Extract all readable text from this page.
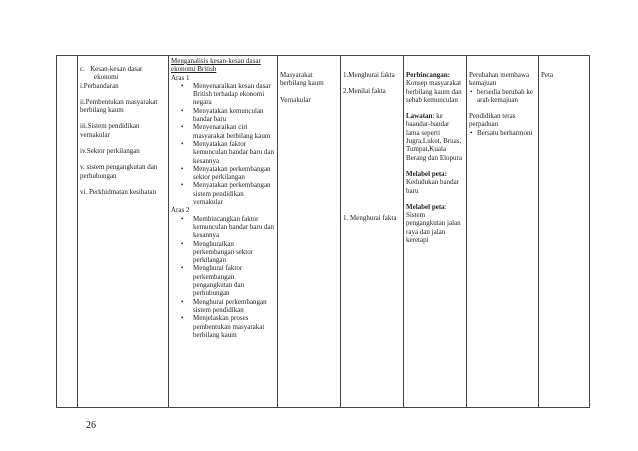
c. Kesan-kesan dasar
ekonomi
i.Perbandaran
ii.Pembentukan masyarakat berbilang kaum
iii.Sistem pendidikan vernakular
iv.Sektor perkilangan
v. sistem pengangkutan dan perhubungan
vi. Perkhidmatan kesihatan

Menganalisis kesan-kesan dasar ekonomi British
Aras 1
• Menyenaraikan kesan dasar British terhadap ekonomi negara
• Menyatakan kemunculan bandar baru
• Menyenaraikan ciri masyarakat berbilang kaum
• Menyatakan faktor kemunculan bandar baru dan kesannya
• Menyatakan perkembangan sektor perkilangan
• Menyatakan perkembangan sistem pendidikan vernakular
Aras 2
• Membincangkan faktor kemunculan bandar baru dan kesannya
• Menghuraikan perkembangan sektor perkilangan
• Menghurai faktor perkembangan pengangkutan dan perhubungan
• Menghurai perkembangan sistem pendidikan
• Menjelaskan proses pembentukan masyarakat berbilang kaum

Masyarakat berbilang kaum
Vernakular

1.Menghurai fakta
2.Menilai fakta
1. Menghurai fakta

Perbincangan:
Konsep masyarakat berbilang kaum dan sebab kemunculan
Lawatan: ke baandar-bandar lama seperti Jugra,Lukut, Bruas, Tumpat,Kuala Berang dan Elopura
Melabel peta:
Kedudukan bandar baru
Melabel peta: Sistem pengangkutan jalan raya dan jalan keretapi

Perubahan membawa kemajuan
• bersedia berubah ke arah kemajuan
Pendidikan teras perpaduan
• Bersatu berharmoni

Peta
26
